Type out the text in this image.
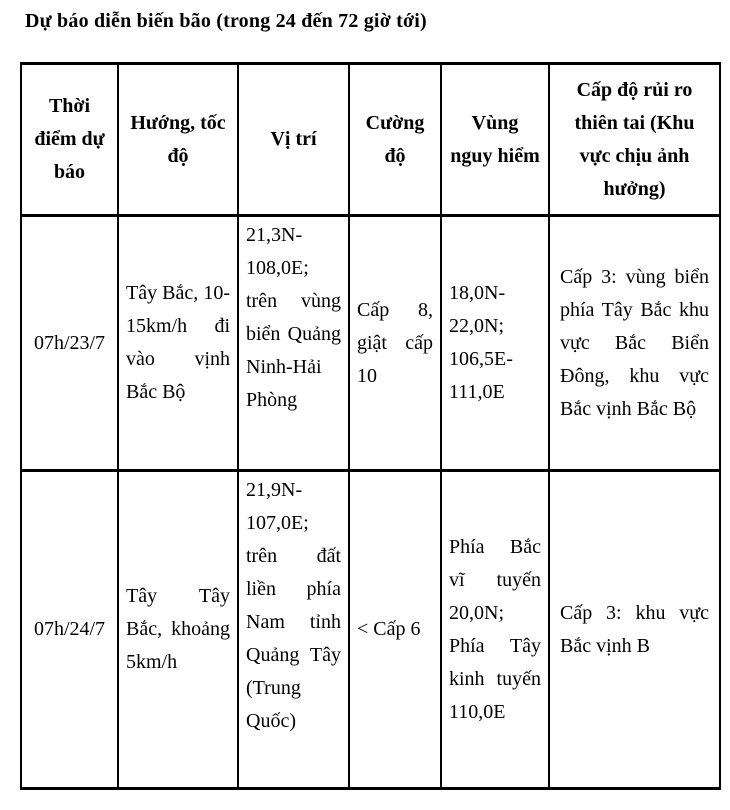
Dự báo diễn biến bão (trong 24 đến 72 giờ tới)
Thời điểm dự báo	Hướng, tốc độ	Vị trí	Cường độ	Vùng nguy hiểm	Cấp độ rủi ro thiên tai (Khu vực chịu ảnh hưởng)
07h/23/7	Tây Bắc, 10-15km/h đi vào vịnh Bắc Bộ	21,3N-108,0E; trên vùng biển Quảng Ninh-Hải Phòng	Cấp 8, giật cấp 10	18,0N-22,0N; 106,5E-111,0E	Cấp 3: vùng biển phía Tây Bắc khu vực Bắc Biển Đông, khu vực Bắc vịnh Bắc Bộ
07h/24/7	Tây Tây Bắc, khoảng 5km/h	21,9N-107,0E; trên đất liền phía Nam tỉnh Quảng Tây (Trung Quốc)	< Cấp 6	Phía Bắc vĩ tuyến 20,0N; Phía Tây kinh tuyến 110,0E	Cấp 3: khu vực Bắc vịnh B
